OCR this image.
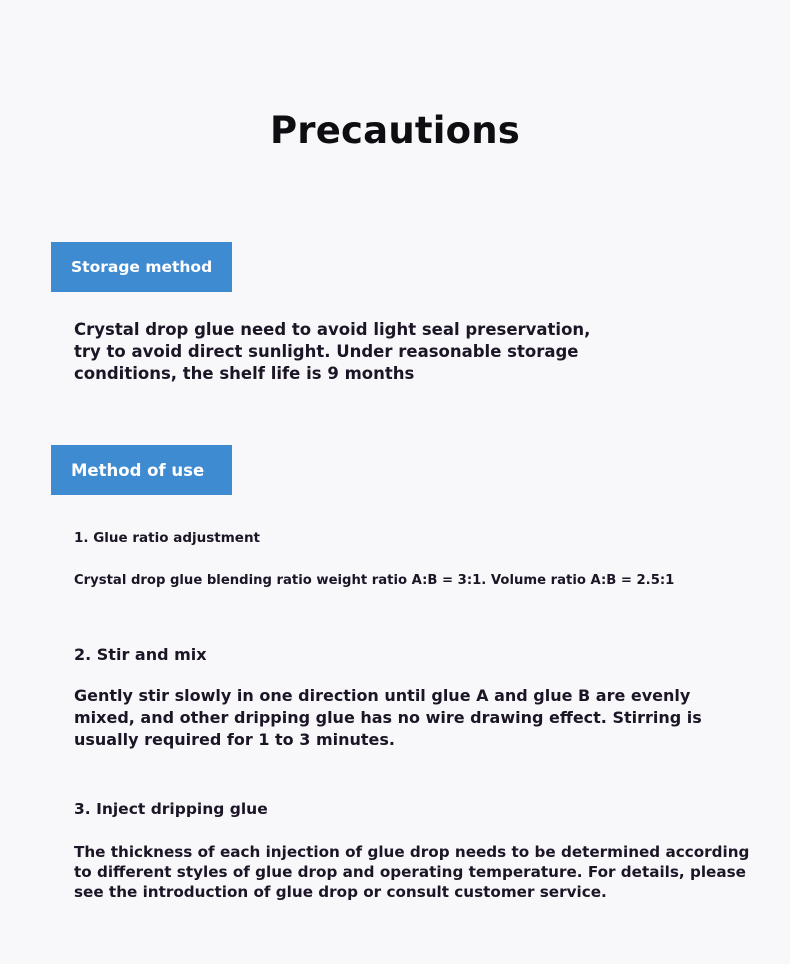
Precautions
Storage method

Crystal drop glue need to avoid light seal preservation, try to avoid direct sunlight. Under reasonable storage conditions, the shelf life is 9 months

Method of use
1. Glue ratio adjustment

Crystal drop glue blending ratio weight ratio A:B = 3:1. Volume ratio A:B = 2.5:1

2. Stir and mix

Gently stir slowly in one direction until glue A and glue B are evenly mixed, and other dripping glue has no wire drawing effect. Stirring is usually required for 1 to 3 minutes.

3. Inject dripping glue

The thickness of each injection of glue drop needs to be determined according to different styles of glue drop and operating temperature. For details, please see the introduction of glue drop or consult customer service.
